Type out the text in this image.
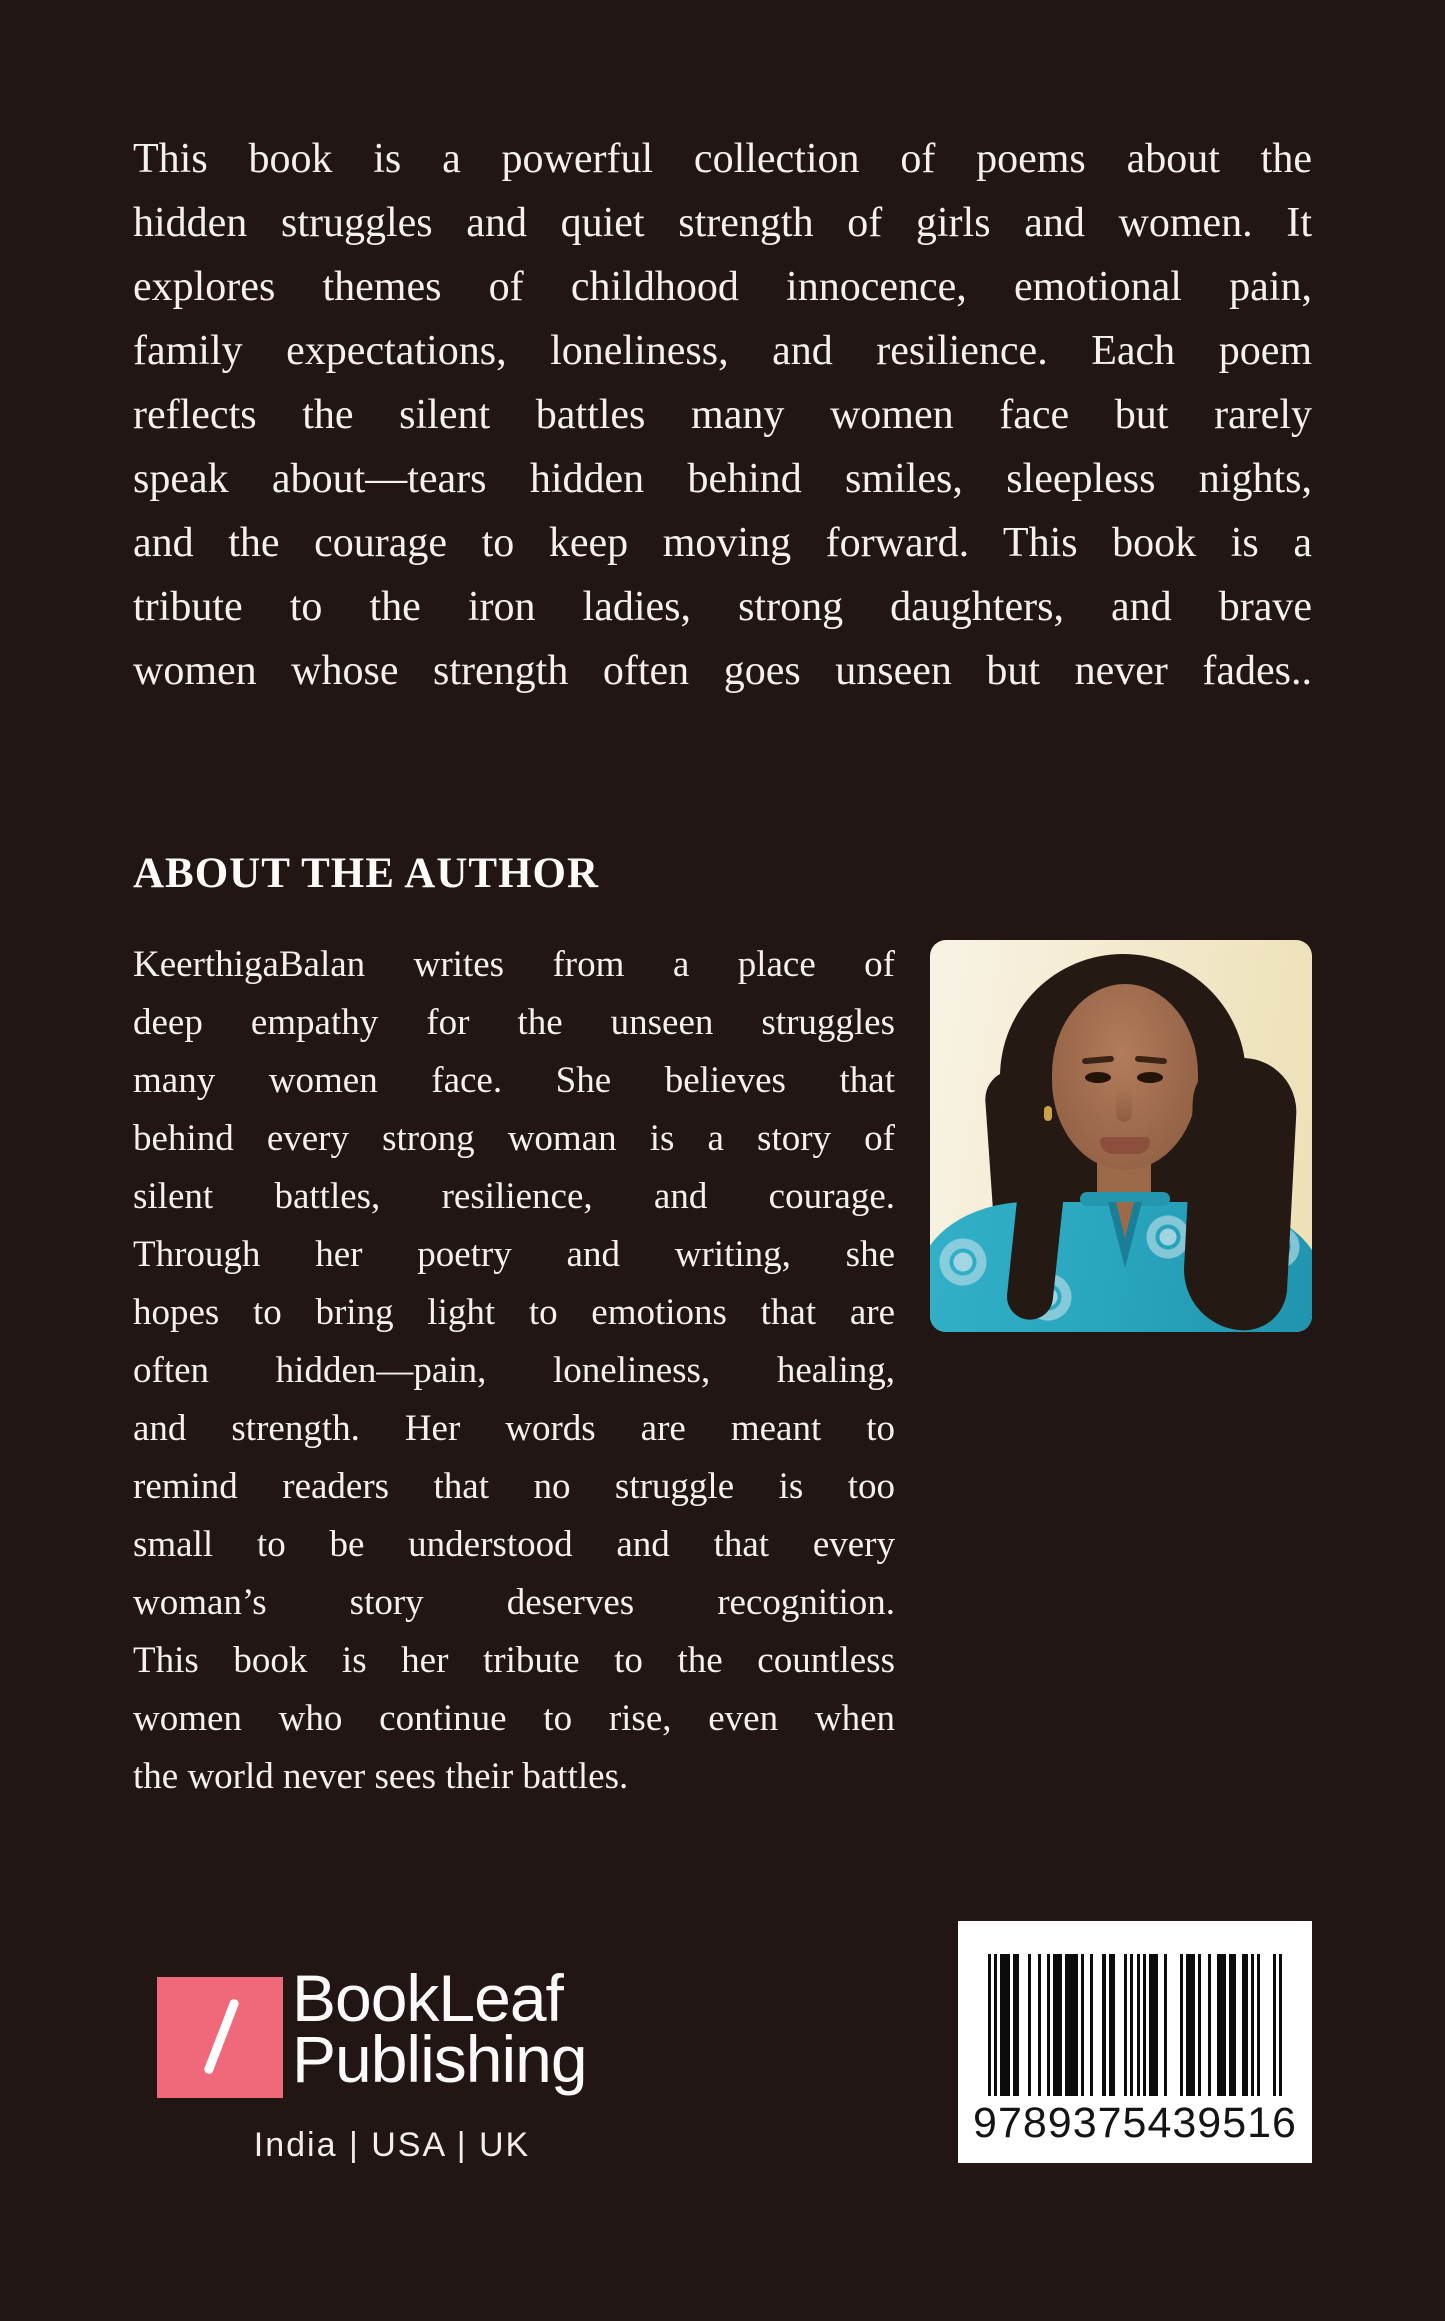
This book is a powerful collection of poems about the
hidden struggles and quiet strength of girls and women. It
explores themes of childhood innocence, emotional pain,
family expectations, loneliness, and resilience. Each poem
reflects the silent battles many women face but rarely
speak about—tears hidden behind smiles, sleepless nights,
and the courage to keep moving forward. This book is a
tribute to the iron ladies, strong daughters, and brave
women whose strength often goes unseen but never fades..
ABOUT THE AUTHOR
KeerthigaBalan writes from a place of
deep empathy for the unseen struggles
many women face. She believes that
behind every strong woman is a story of
silent battles, resilience, and courage.
Through her poetry and writing, she
hopes to bring light to emotions that are
often hidden—pain, loneliness, healing,
and strength. Her words are meant to
remind readers that no struggle is too
small to be understood and that every
woman’s story deserves recognition.
This book is her tribute to the countless
women who continue to rise, even when
the world never sees their battles.
BookLeaf
Publishing
India | USA | UK	9789375439516
